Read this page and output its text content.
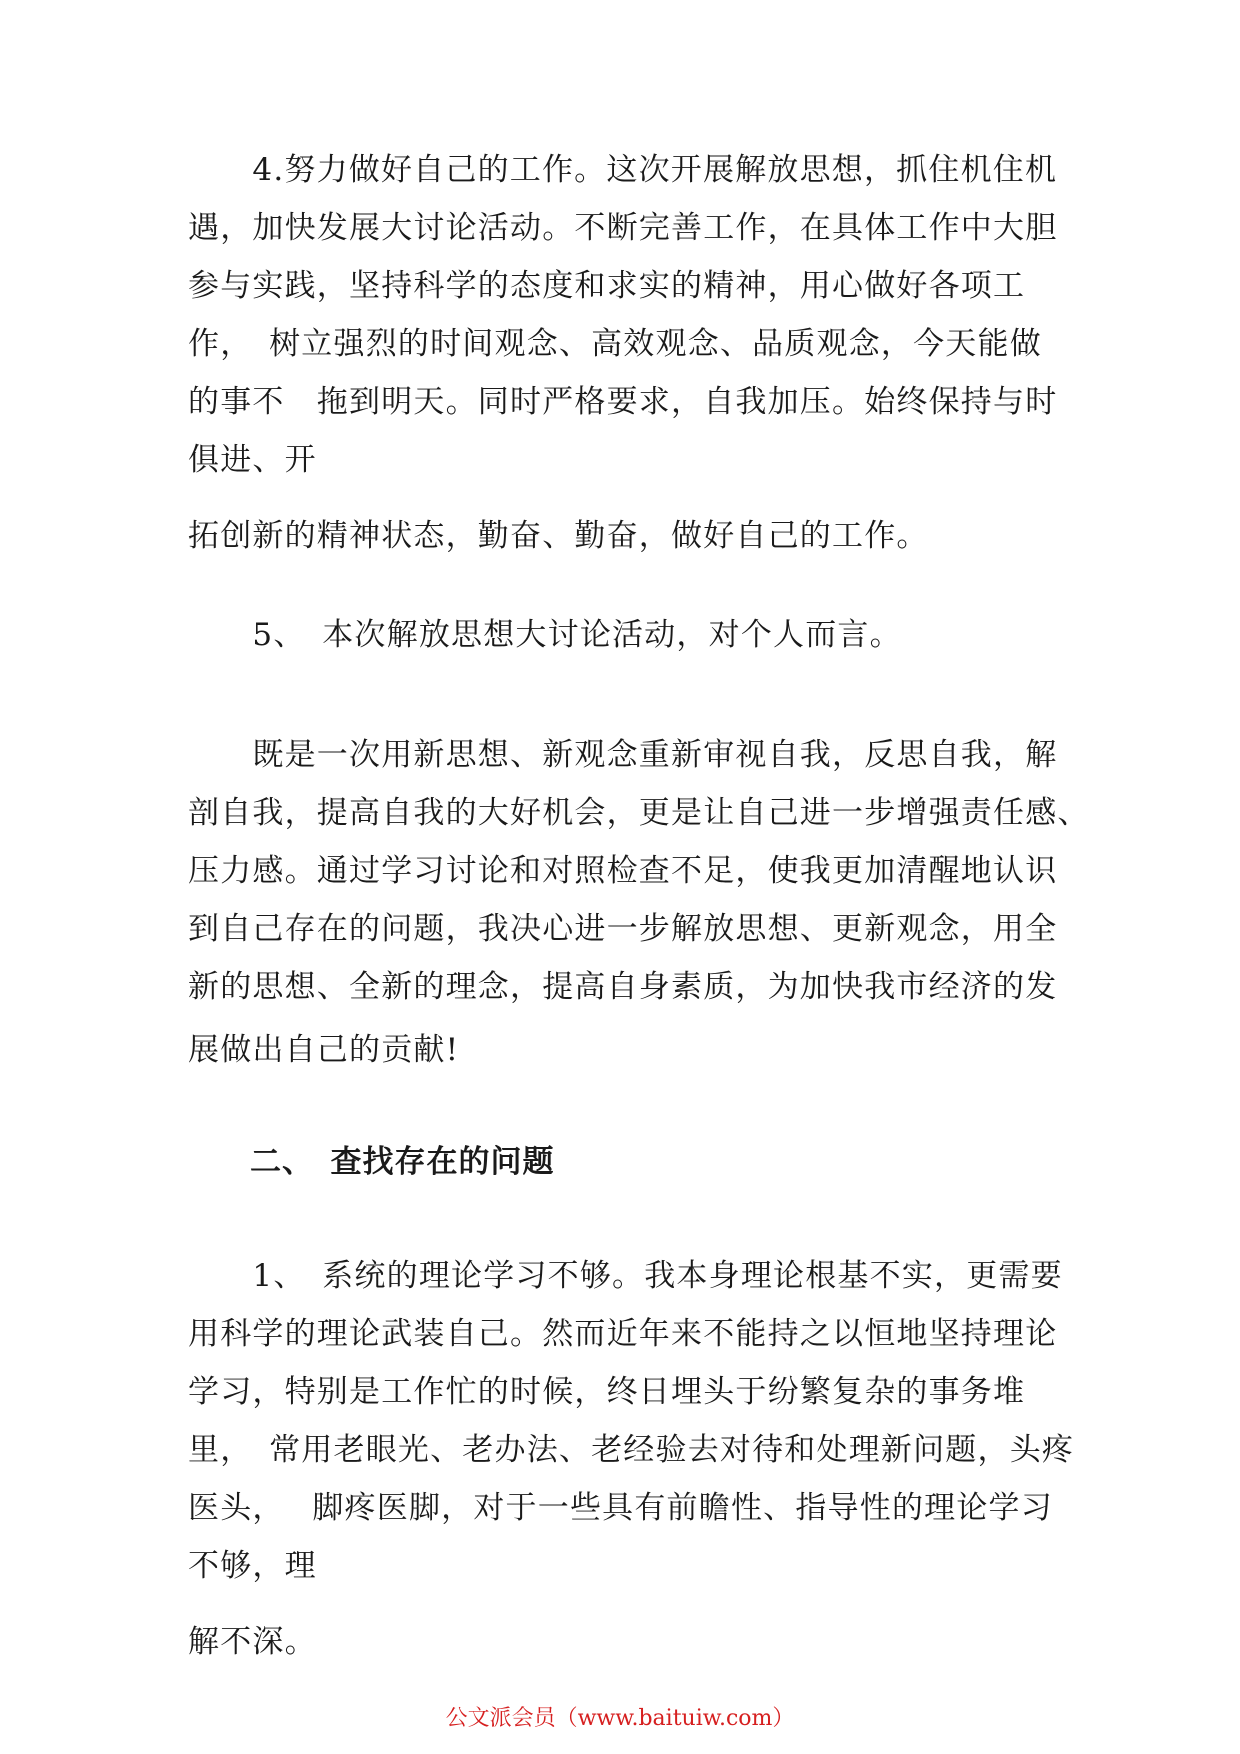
　　4.努力做好自己的工作。这次开展解放思想，抓住机住机
遇，加快发展大讨论活动。不断完善工作，在具体工作中大胆
参与实践，坚持科学的态度和求实的精神，用心做好各项工
作，　树立强烈的时间观念、高效观念、品质观念，今天能做
的事不　拖到明天。同时严格要求，自我加压。始终保持与时
俱进、开
拓创新的精神状态，勤奋、勤奋，做好自己的工作。
　　5、　本次解放思想大讨论活动，对个人而言。
　　既是一次用新思想、新观念重新审视自我，反思自我，解
剖自我，提高自我的大好机会，更是让自己进一步增强责任感、
压力感。通过学习讨论和对照检查不足，使我更加清醒地认识
到自己存在的问题，我决心进一步解放思想、更新观念，用全
新的思想、全新的理念，提高自身素质，为加快我市经济的发
展做出自己的贡献!
二、　查找存在的问题
　　1、　系统的理论学习不够。我本身理论根基不实，更需要
用科学的理论武装自己。然而近年来不能持之以恒地坚持理论
学习，特别是工作忙的时候，终日埋头于纷繁复杂的事务堆
里，　常用老眼光、老办法、老经验去对待和处理新问题，头疼
医头，　 脚疼医脚，对于一些具有前瞻性、指导性的理论学习
不够，理
解不深。
公文派会员（www.baituiw.com）
